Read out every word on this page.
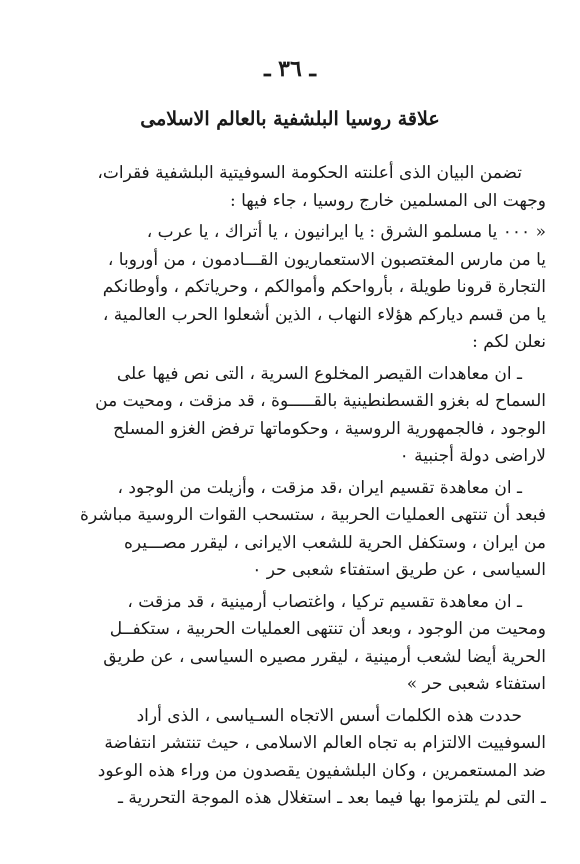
ـ ٣٦ ـ
علاقة روسيا البلشفية بالعالم الاسلامى
تضمن البيان الذى أعلنته الحكومة السوفيتية البلشفية فقرات،
وجهت الى المسلمين خارج روسيا ، جاء فيها :
« ٠٠٠ يا مسلمو الشرق : يا ايرانيون ، يا أتراك ، يا عرب ،
يا من مارس المغتصبون الاستعماريون القـــادمون ، من أوروبا ،
التجارة قرونا طويلة ، بأرواحكم وأموالكم ، وحرياتكم ، وأوطانكم
يا من قسم دياركم هؤلاء النهاب ، الذين أشعلوا الحرب العالمية ،
نعلن لكم :
ـ ان معاهدات القيصر المخلوع السرية ، التى نص فيها على
السماح له بغزو القسطنطينية بالقـــــوة ، قد مزقت ، ومحيت من
الوجود ، فالجمهورية الروسية ، وحكوماتها ترفض الغزو المسلح
لاراضى دولة أجنبية ٠
ـ ان معاهدة تقسيم ايران ،قد مزقت ، وأزيلت من الوجود ،
فبعد أن تنتهى العمليات الحربية ، ستسحب القوات الروسية مباشرة
من ايران ، وستكفل الحرية للشعب الايرانى ، ليقرر مصـــيره
السياسى ، عن طريق استفتاء شعبى حر ٠
ـ ان معاهدة تقسيم تركيا ، واغتصاب أرمينية ، قد مزقت ،
ومحيت من الوجود ، وبعد أن تنتهى العمليات الحربية ، ستكفــل
الحرية أيضا لشعب أرمينية ، ليقرر مصيره السياسى ، عن طريق
استفتاء شعبى حر »
حددت هذه الكلمات أسس الاتجاه السـياسى ، الذى أراد
السوفييت الالتزام به تجاه العالم الاسلامى ، حيث تنتشر انتفاضة
ضد المستعمرين ، وكان البلشفيون يقصدون من وراء هذه الوعود
ـ التى لم يلتزموا بها فيما بعد ـ استغلال هذه الموجة التحررية ـ
